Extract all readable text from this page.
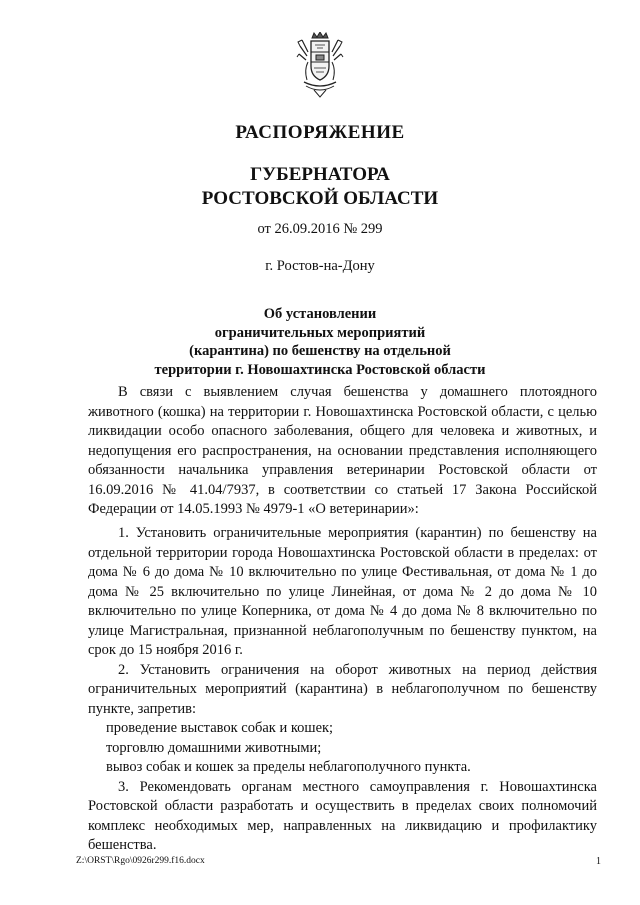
РАСПОРЯЖЕНИЕ
ГУБЕРНАТОРА
РОСТОВСКОЙ ОБЛАСТИ
от 26.09.2016 № 299
г. Ростов-на-Дону
Об установлении
ограничительных мероприятий
(карантина) по бешенству на отдельной
территории г. Новошахтинска Ростовской области

В связи с выявлением случая бешенства у домашнего плотоядного животного (кошка) на территории г. Новошахтинска Ростовской области, с целью ликвидации особо опасного заболевания, общего для человека и животных, и недопущения его распространения, на основании представления исполняющего обязанности начальника управления ветеринарии Ростовской области от 16.09.2016 № 41.04/7937, в соответствии со статьей 17 Закона Российской Федерации от 14.05.1993 № 4979-1 «О ветеринарии»:

1. Установить ограничительные мероприятия (карантин) по бешенству на отдельной территории города Новошахтинска Ростовской области в пределах: от дома № 6 до дома № 10 включительно по улице Фестивальная, от дома № 1 до дома № 25 включительно по улице Линейная, от дома № 2 до дома № 10 включительно по улице Коперника, от дома № 4 до дома № 8 включительно по улице Магистральная, признанной неблагополучным по бешенству пунктом, на срок до 15 ноября 2016 г.

2. Установить ограничения на оборот животных на период действия ограничительных мероприятий (карантина) в неблагополучном по бешенству пункте, запретив:

проведение выставок собак и кошек;

торговлю домашними животными;

вывоз собак и кошек за пределы неблагополучного пункта.

3. Рекомендовать органам местного самоуправления г. Новошахтинска Ростовской области разработать и осуществить в пределах своих полномочий комплекс необходимых мер, направленных на ликвидацию и профилактику бешенства.

Z:\ORST\Rgo\0926r299.f16.docx	1
